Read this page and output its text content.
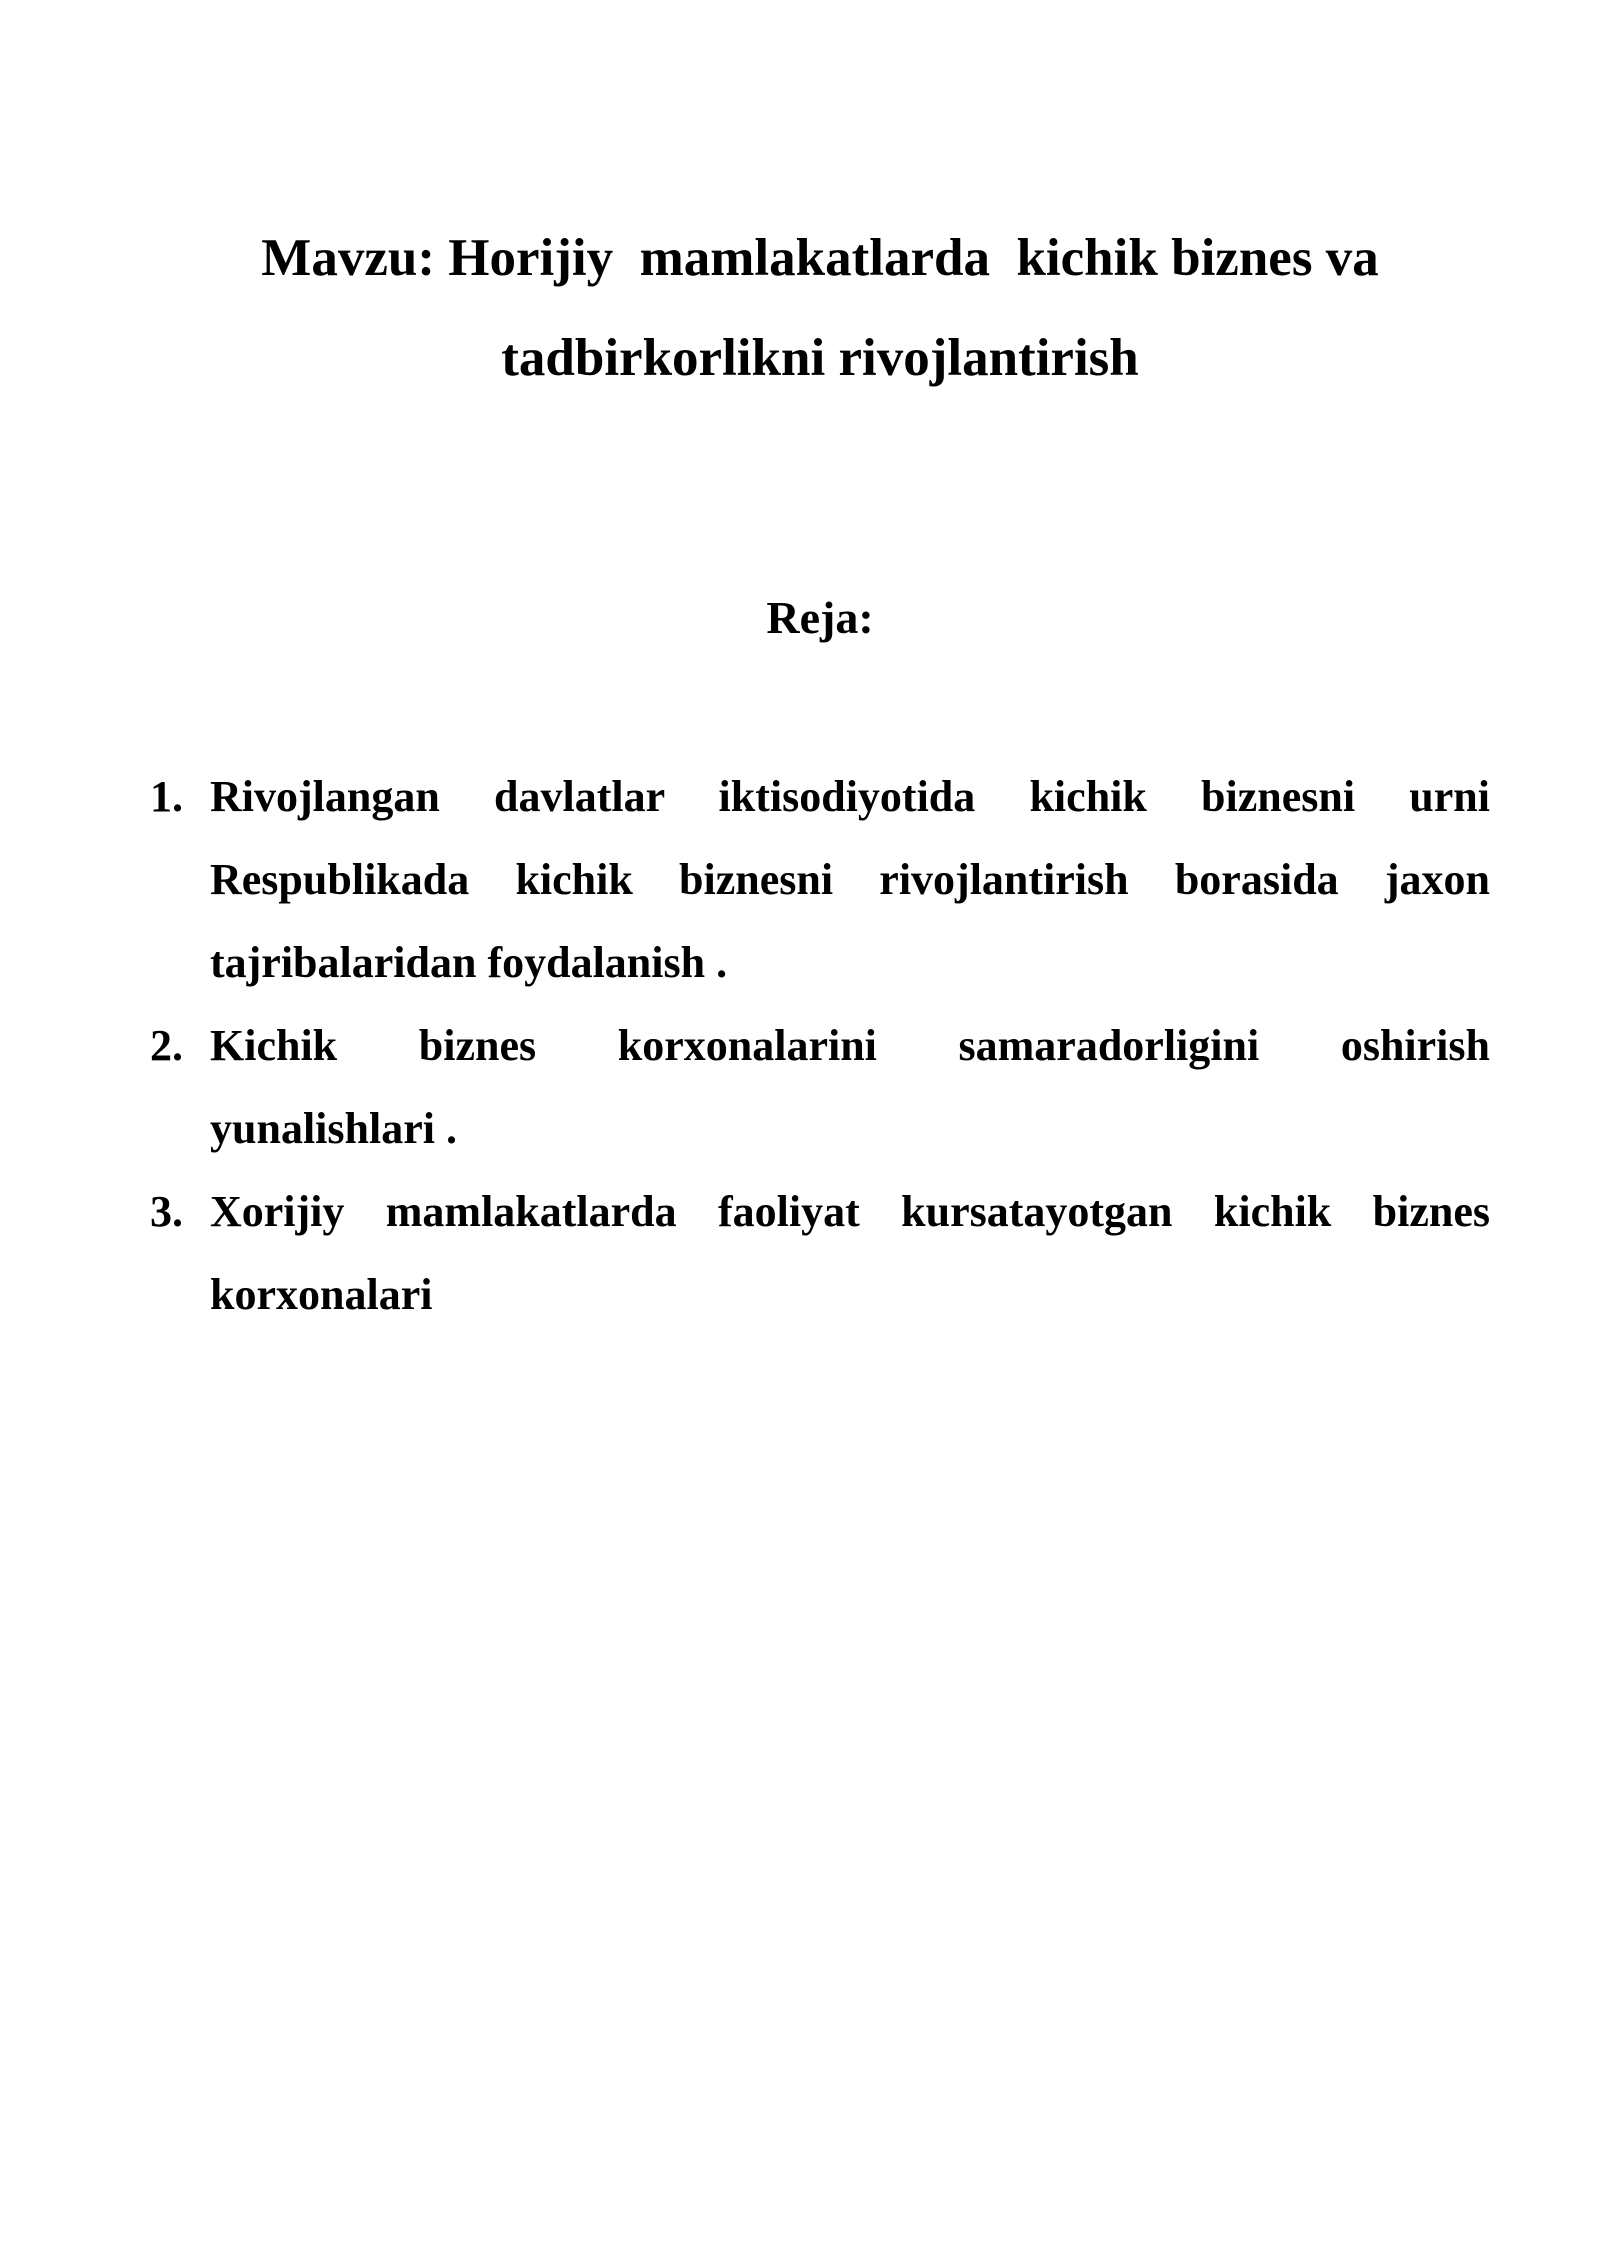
Mavzu: Horijiy  mamlakatlarda  kichik biznes va
tadbirkorlikni rivojlantirish
Reja:
1. Rivojlangan davlatlar iktisodiyotida kichik biznesni urni
Respublikada kichik biznesni rivojlantirish borasida jaxon
tajribalaridan foydalanish .
2. Kichik biznes korxonalarini samaradorligini oshirish
yunalishlari .
3. Xorijiy mamlakatlarda faoliyat kursatayotgan kichik biznes
korxonalari
